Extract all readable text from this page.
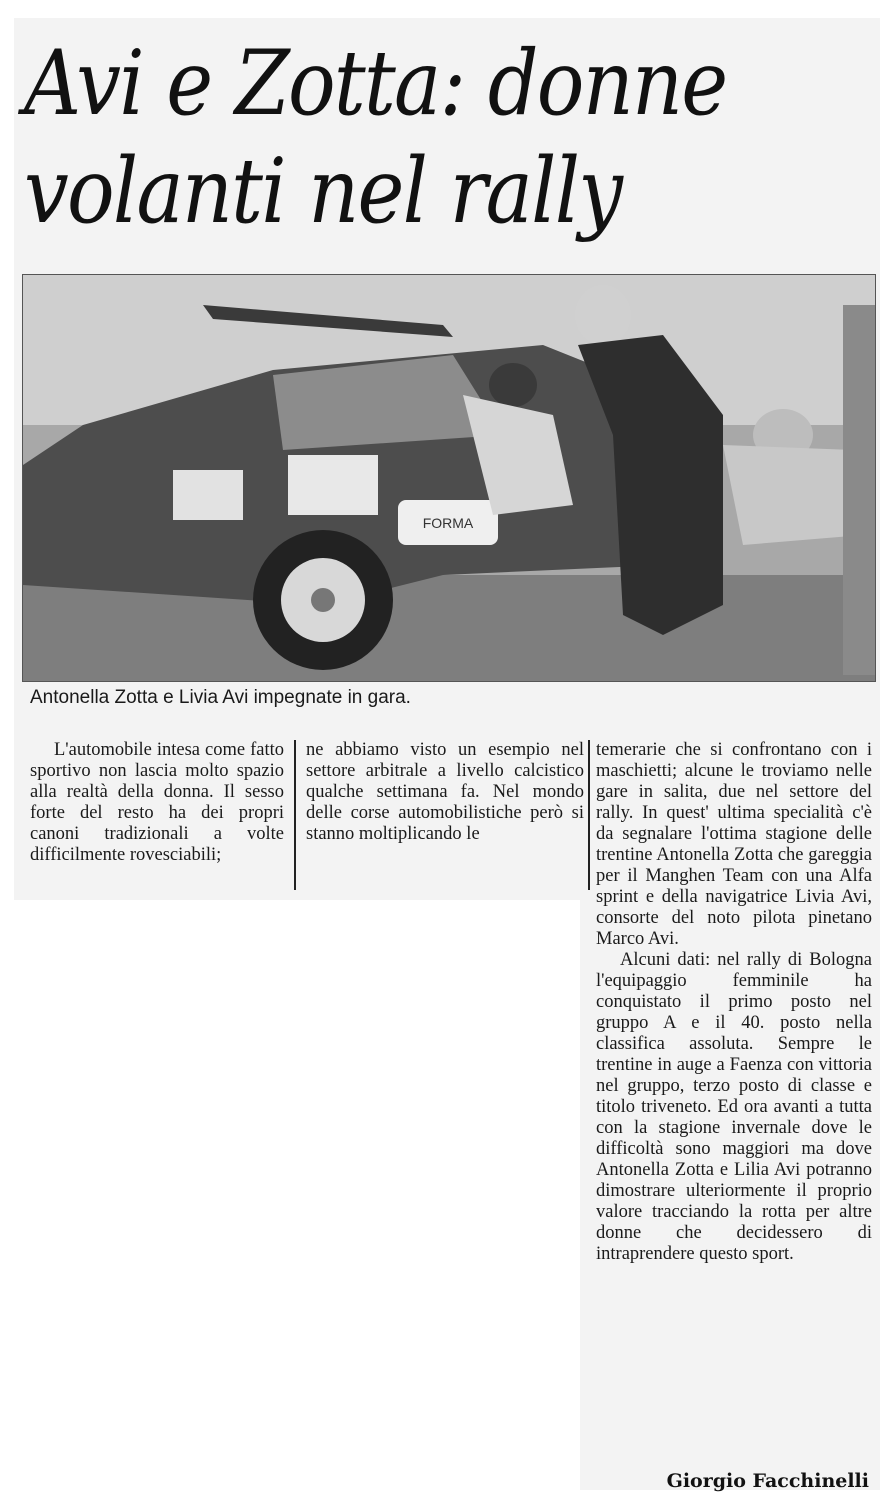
Avi e Zotta: donne volanti nel rally
FORMA
Antonella Zotta e Livia Avi impegnate in gara.

L'automobile intesa come fatto sportivo non lascia molto spazio alla realtà della donna. Il sesso forte del resto ha dei propri canoni tradizionali a volte difficilmente rovesciabili;

ne abbiamo visto un esempio nel settore arbitrale a livello calcistico qualche settimana fa. Nel mondo delle corse automobilistiche però si stanno moltiplicando le

temerarie che si confrontano con i maschietti; alcune le troviamo nelle gare in salita, due nel settore del rally. In quest' ultima specialità c'è da segnalare l'ottima stagione delle trentine Antonella Zotta che gareggia per il Manghen Team con una Alfa sprint e della navigatrice Livia Avi, consorte del noto pilota pinetano Marco Avi.

Alcuni dati: nel rally di Bologna l'equipaggio femminile ha conquistato il primo posto nel gruppo A e il 40. posto nella classifica assoluta. Sempre le trentine in auge a Faenza con vittoria nel gruppo, terzo posto di classe e titolo triveneto. Ed ora avanti a tutta con la stagione invernale dove le difficoltà sono maggiori ma dove Antonella Zotta e Lilia Avi potranno dimostrare ulteriormente il proprio valore tracciando la rotta per altre donne che decidessero di intraprendere questo sport.

Giorgio Facchinelli
